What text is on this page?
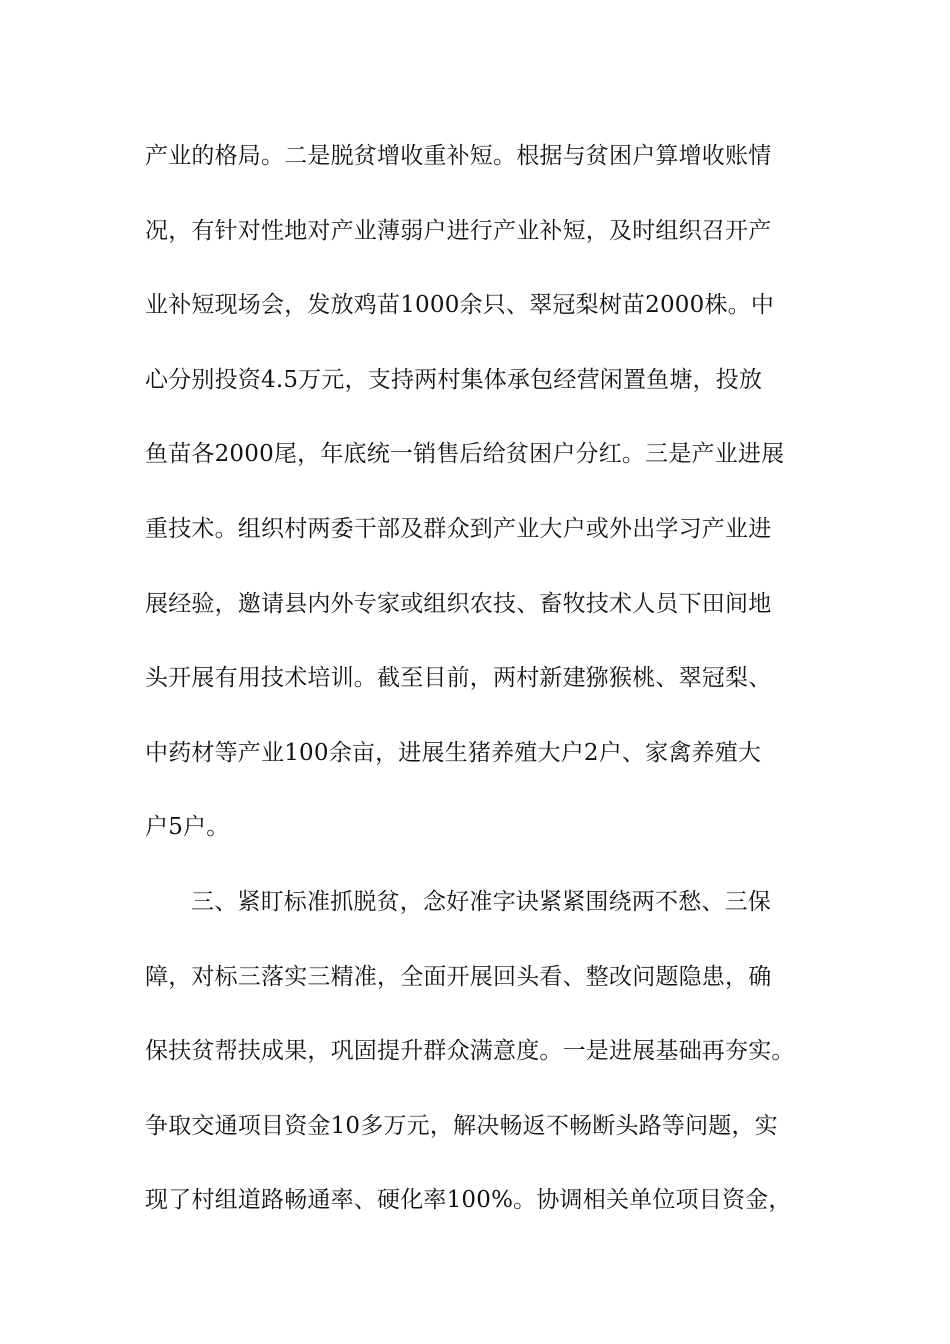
产业的格局。二是脱贫增收重补短。根据与贫困户算增收账情
况，有针对性地对产业薄弱户进行产业补短，及时组织召开产
业补短现场会，发放鸡苗1000余只、翠冠梨树苗2000株。中
心分别投资4.5万元，支持两村集体承包经营闲置鱼塘，投放
鱼苗各2000尾，年底统一销售后给贫困户分红。三是产业进展
重技术。组织村两委干部及群众到产业大户或外出学习产业进
展经验，邀请县内外专家或组织农技、畜牧技术人员下田间地
头开展有用技术培训。截至目前，两村新建猕猴桃、翠冠梨、
中药材等产业100余亩，进展生猪养殖大户2户、家禽养殖大
户5户。
三、紧盯标准抓脱贫，念好准字诀紧紧围绕两不愁、三保
障，对标三落实三精准，全面开展回头看、整改问题隐患，确
保扶贫帮扶成果，巩固提升群众满意度。一是进展基础再夯实。
争取交通项目资金10多万元，解决畅返不畅断头路等问题，实
现了村组道路畅通率、硬化率100%。协调相关单位项目资金，
